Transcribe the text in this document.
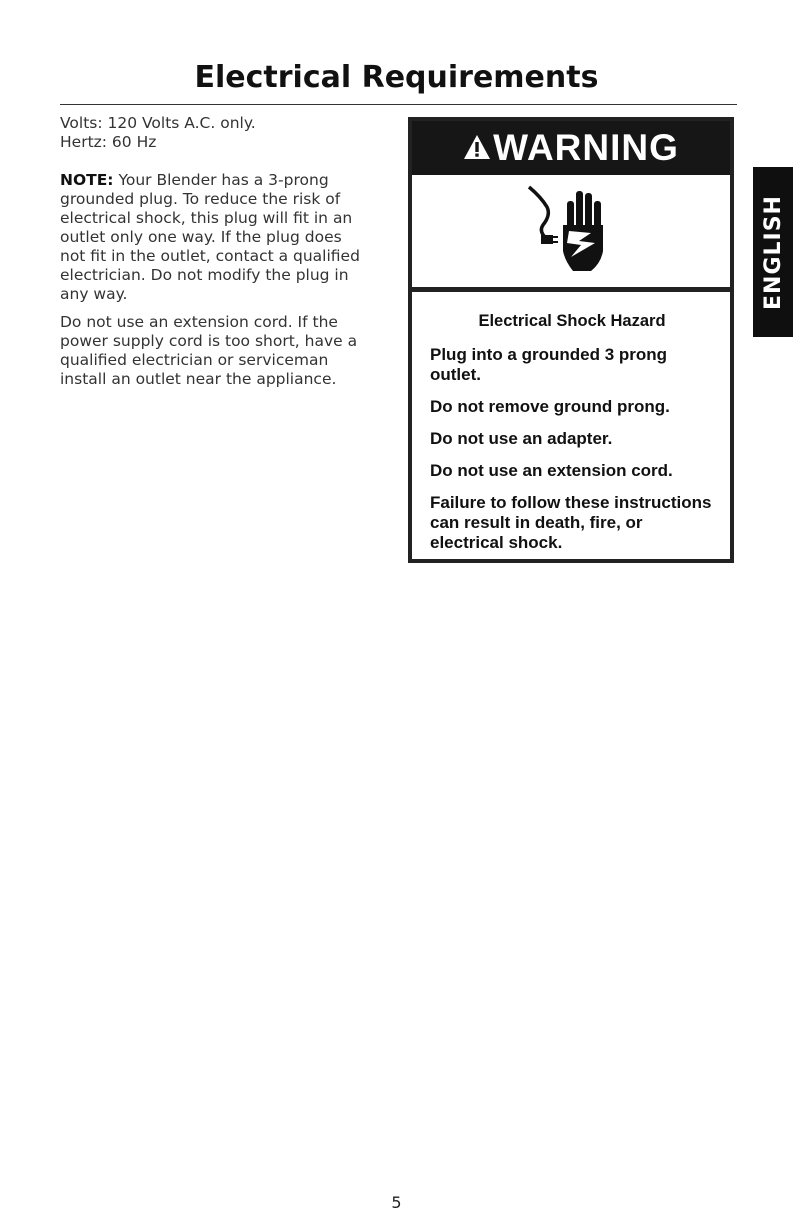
Electrical Requirements

Volts: 120 Volts A.C. only.
Hertz: 60 Hz

NOTE: Your Blender has a 3-prong grounded plug. To reduce the risk of electrical shock, this plug will fit in an outlet only one way. If the plug does not fit in the outlet, contact a qualified electrician. Do not modify the plug in any way.

Do not use an extension cord. If the power supply cord is too short, have a qualified electrician or serviceman install an outlet near the appliance.

WARNING

Electrical Shock Hazard

Plug into a grounded 3 prong outlet.

Do not remove ground prong.

Do not use an adapter.

Do not use an extension cord.

Failure to follow these instructions can result in death, fire, or electrical shock.

ENGLISH
5
